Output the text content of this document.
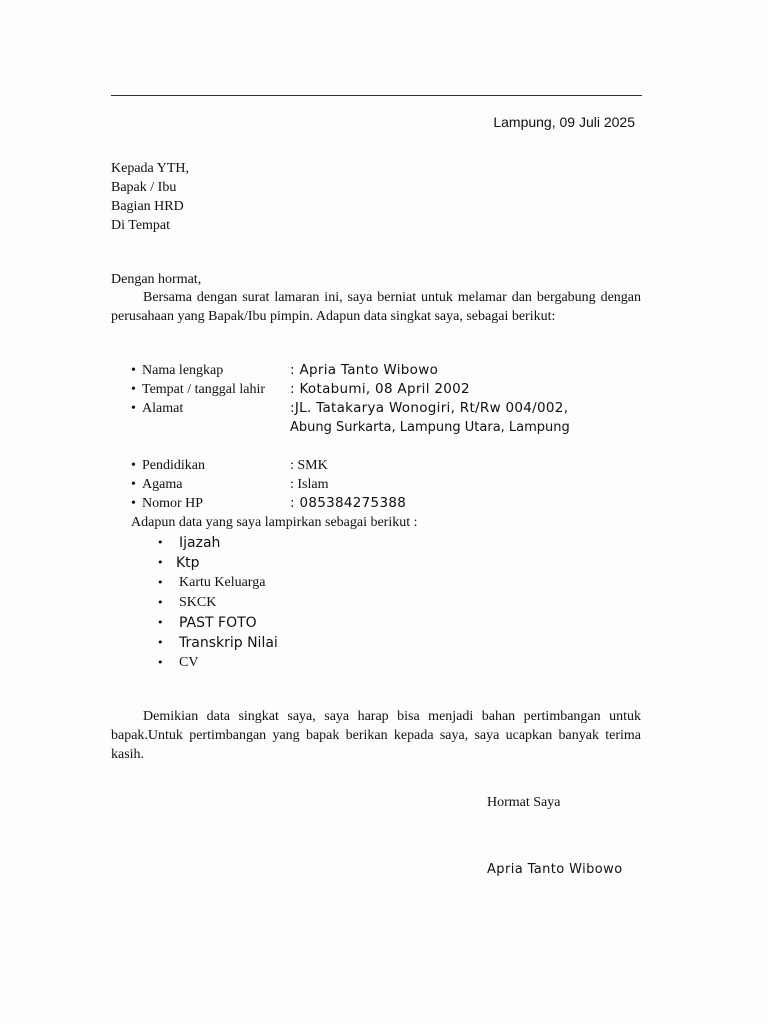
Lampung, 09 Juli 2025
Kepada YTH,
Bapak / Ibu
Bagian HRD
Di Tempat
Dengan hormat,
Bersama dengan surat lamaran ini, saya berniat untuk melamar dan bergabung dengan perusahaan yang Bapak/Ibu pimpin. Adapun data singkat saya, sebagai berikut:
• Nama lengkap	: Apria Tanto Wibowo
• Tempat / tanggal lahir : Kotabumi, 08 April 2002
• Alamat	:JL. Tatakarya Wonogiri, Rt/Rw 004/002,
Abung Surkarta, Lampung Utara, Lampung
• Pendidikan	: SMK
• Agama	: Islam
• Nomor HP	: 085384275388
Adapun data yang saya lampirkan sebagai berikut :
• Ijazah
• Ktp
• Kartu Keluarga
• SKCK
• PAST FOTO
• Transkrip Nilai
• CV
Demikian data singkat saya, saya harap bisa menjadi bahan pertimbangan untuk bapak.Untuk pertimbangan yang bapak berikan kepada saya, saya ucapkan banyak terima kasih.
Hormat Saya
Apria Tanto Wibowo
